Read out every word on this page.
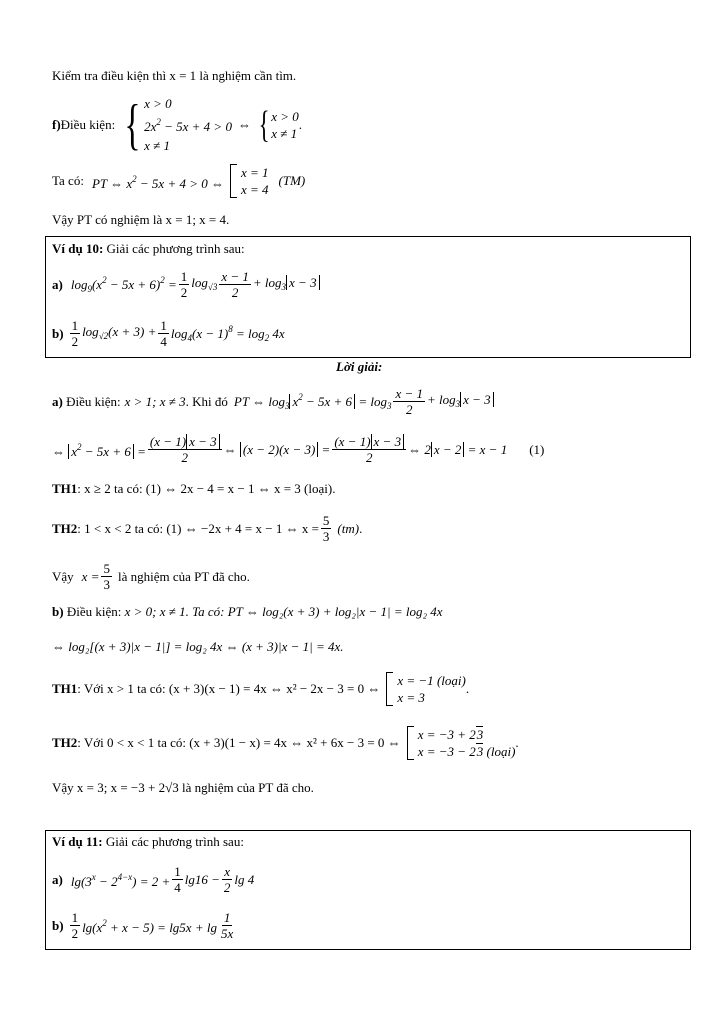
Kiểm tra điều kiện thì x = 1 là nghiệm cần tìm.
f) Điều kiện: { x > 0
$2x^2 - 5x + 4 > 0$
x ≠ 1
⇔ { x > 0
x ≠ 1
.
Ta có: PT ⇔ $x^2 - 5x + 4 > 0$ ⇔
x = 1
x = 4
(TM)
Vậy PT có nghiệm là x = 1; x = 4.
Ví dụ 10: Giải các phương trình sau:
a) $\log_9(x^2 - 5x + 6)^2 = \frac{1}{2} \log_{√3} \frac{x - 1}{2} + \log_3 x - 3$
$b) \frac{1}{2} \log_{√2}(x + 3) + \frac{1}{4} \log_4(x - 1)^8 = \log_2 4x$
Lời giải:
a) Điều kiện: x > 1; x ≠ 3 . Khi đó PT ⇔ $\log_3 x^2 - 5x + 6 = \log_3 \frac{x - 1}{2} + \log_3 x - 3$
⇔ $x^2 - 5x + 6 = \frac{(x - 1) x - 3}{2}$ ⇔ $(x - 2)(x - 3) = \frac{(x - 1) x - 3}{2}$ ⇔ 2 x − 2 = x − 1 (1)
TH1: x ≥ 2 ta có: (1) ⇔ 2x − 4 = x − 1 ⇔ x = 3 (loại).
TH2 : 1 < x < 2 ta có: (1) ⇔ −2x + 4 = x − 1 ⇔ $x = \frac{5}{3} (tm)$ .
Vậy $x = \frac{5}{3}$ là nghiệm của PT đã cho.
b) Điều kiện: x > 0; x ≠ 1. Ta có: PT ⇔ log₂(x + 3) + log₂|x − 1| = log₂ 4x
⇔ log₂[(x + 3)|x − 1|] = log₂ 4x ⇔ (x + 3)|x − 1| = 4x.
TH1 : Với x > 1 ta có: (x + 3)(x − 1) = 4x ⇔ x² − 2x − 3 = 0 ⇔
x = −1 (loại)
x = 3
.
TH2 : Với 0 < x < 1 ta có: (x + 3)(1 − x) = 4x ⇔ x² + 6x − 3 = 0 ⇔
x = −3 + 23
x = −3 − 23 (loại)
.
Vậy x = 3; x = −3 + 2√3 là nghiệm của PT đã cho.
Ví dụ 11: Giải các phương trình sau:
a) $\lg(3^x - 2^{4-x}) = 2 + \frac{1}{4} \lg 16 - \frac{x}{2}$ lg 4
$b) \frac{1}{2} \lg(x^2 + x - 5) = \lg 5x + \lg \frac{1}{5x}$
